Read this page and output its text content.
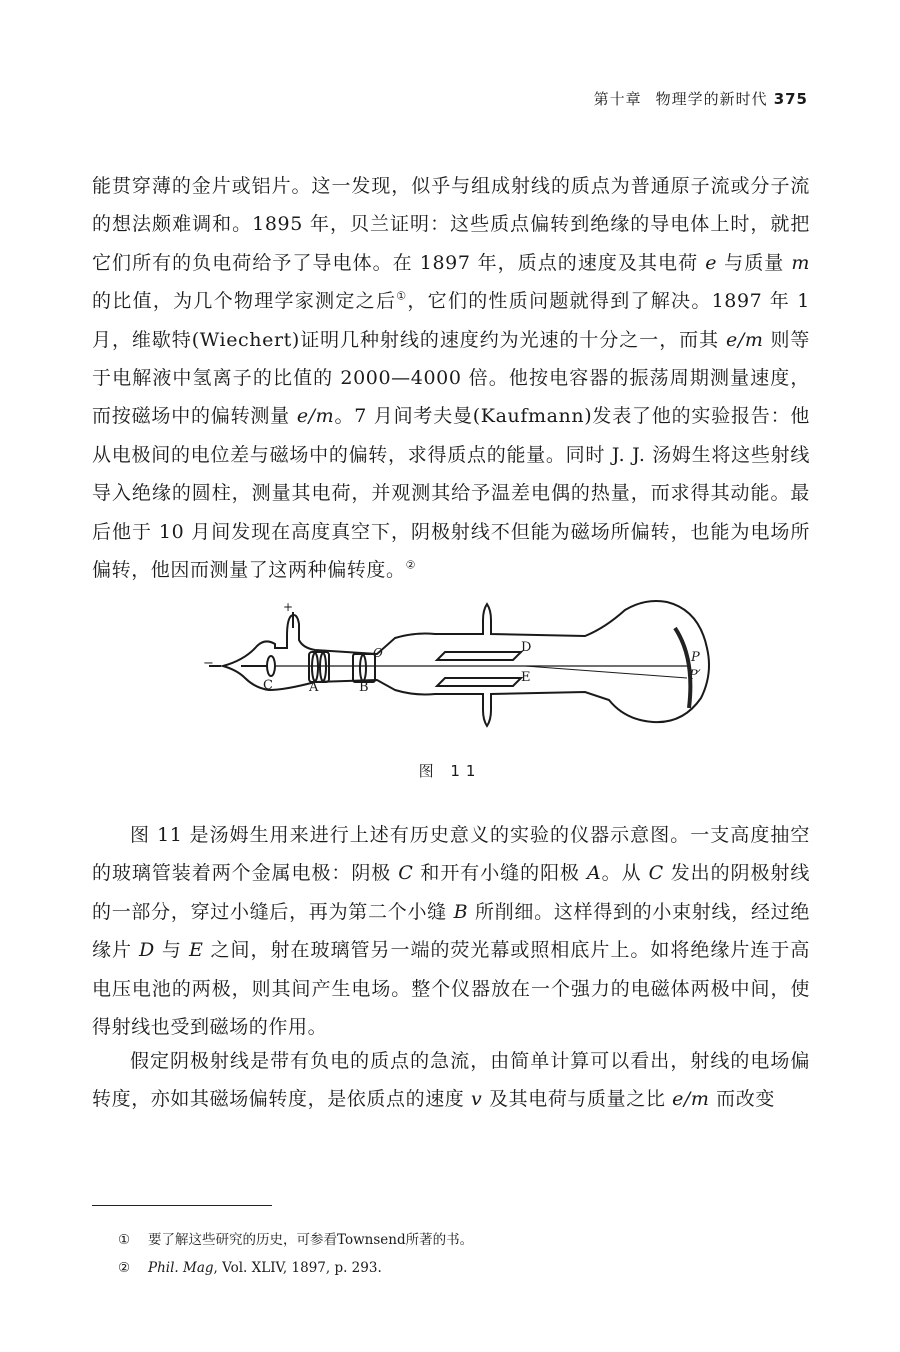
第十章 物理学的新时代 375

能贯穿薄的金片或铝片。这一发现，似乎与组成射线的质点为普通原子流或分子流的想法颇难调和。1895 年，贝兰证明：这些质点偏转到绝缘的导电体上时，就把它们所有的负电荷给予了导电体。在 1897 年，质点的速度及其电荷 e 与质量 m 的比值，为几个物理学家测定之后①，它们的性质问题就得到了解决。1897 年 1 月，维歇特(Wiechert)证明几种射线的速度约为光速的十分之一，而其 e/m 则等于电解液中氢离子的比值的 2000—4000 倍。他按电容器的振荡周期测量速度，而按磁场中的偏转测量 e/m。7 月间考夫曼(Kaufmann)发表了他的实验报告：他从电极间的电位差与磁场中的偏转，求得质点的能量。同时 J. J. 汤姆生将这些射线导入绝缘的圆柱，测量其电荷，并观测其给予温差电偶的热量，而求得其动能。最后他于 10 月间发现在高度真空下，阴极射线不但能为磁场所偏转，也能为电场所偏转，他因而测量了这两种偏转度。②

+
−
C	A	B
O	D
E
P
P′
图 11

图 11 是汤姆生用来进行上述有历史意义的实验的仪器示意图。一支高度抽空的玻璃管装着两个金属电极：阴极 C 和开有小缝的阳极 A。从 C 发出的阴极射线的一部分，穿过小缝后，再为第二个小缝 B 所削细。这样得到的小束射线，经过绝缘片 D 与 E 之间，射在玻璃管另一端的荧光幕或照相底片上。如将绝缘片连于高电压电池的两极，则其间产生电场。整个仪器放在一个强力的电磁体两极中间，使得射线也受到磁场的作用。

假定阴极射线是带有负电的质点的急流，由简单计算可以看出，射线的电场偏转度，亦如其磁场偏转度，是依质点的速度 v 及其电荷与质量之比 e/m 而改变

① 要了解这些研究的历史，可参看Townsend所著的书。
② Phil. Mag, Vol. XLIV, 1897, p. 293.
